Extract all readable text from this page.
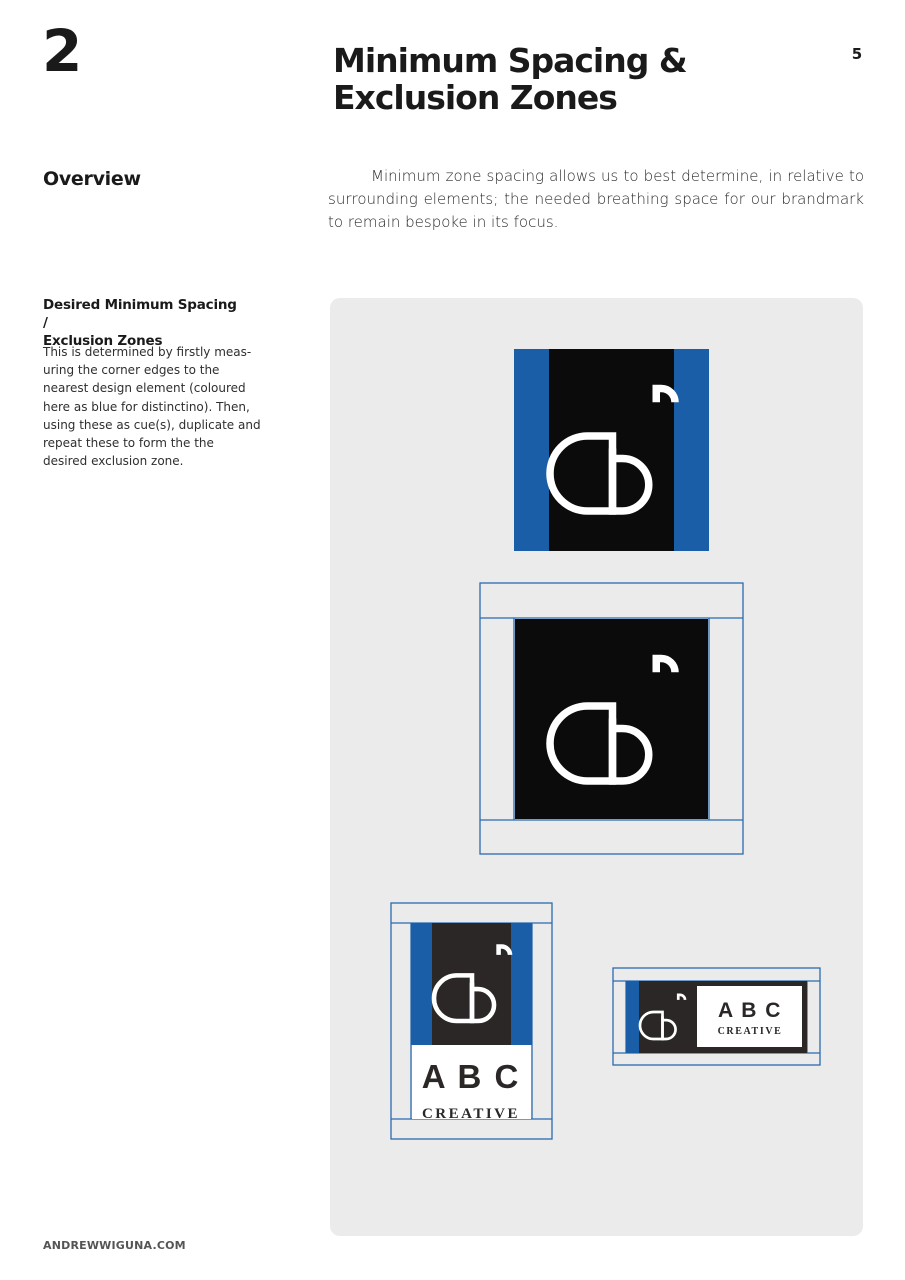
2	Minimum Spacing &
Exclusion Zones
5
Overview	Minimum zone spacing allows us to best determine, in relative to surrounding elements; the needed breathing space for our brandmark to remain bespoke in its focus.

Desired Minimum Spacing /
Exclusion Zones

This is determined by firstly meas-uring the corner edges to the nearest design element (coloured here as blue for distinctino). Then, using these as cue(s), duplicate and repeat these to form the the desired exclusion zone.

A B C
CREATIVE
A B C
CREATIVE
ANDREWWIGUNA.COM
